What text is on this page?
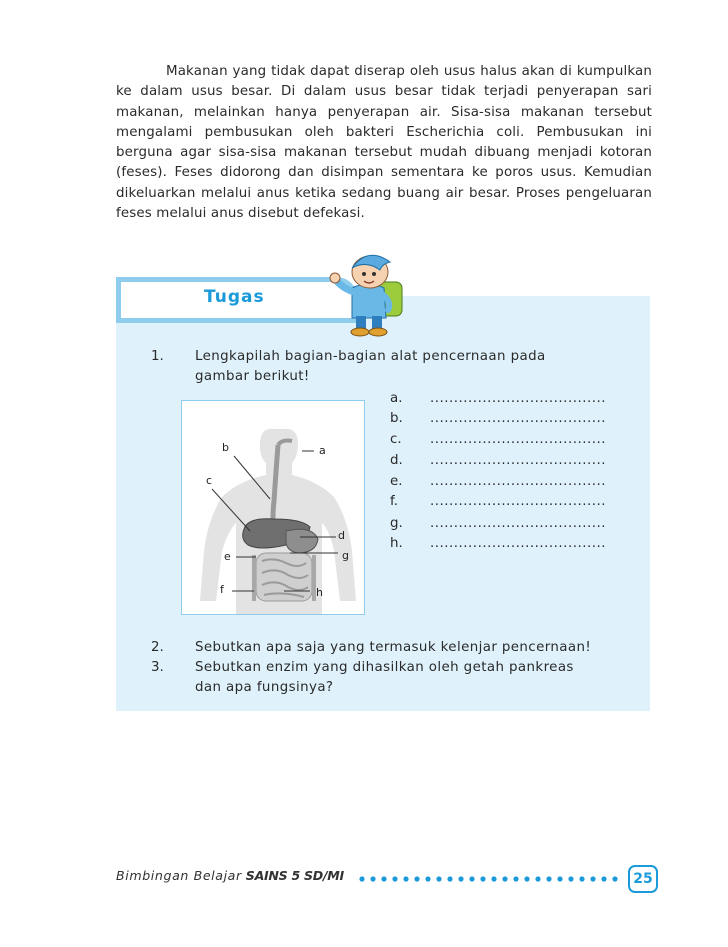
Makanan yang tidak dapat diserap oleh usus halus akan di kumpulkan ke dalam usus besar. Di dalam usus besar tidak terjadi penyerapan sari makanan, melainkan hanya penyerapan air. Sisa-sisa makanan tersebut mengalami pembusukan oleh bakteri Escherichia coli. Pembusukan ini berguna agar sisa-sisa makanan tersebut mudah dibuang menjadi kotoran (feses). Feses didorong dan disimpan sementara ke poros usus. Kemudian dikeluarkan melalui anus ketika sedang buang air besar. Proses pengeluaran feses melalui anus disebut defekasi.

Tugas
1. Lengkapilah bagian-bagian alat pencernaan pada
gambar berikut!
b	a
c
d
e	g
f	h
a. .....................................
b. .....................................
c. .....................................
d. .....................................
e. .....................................
f. .....................................
g. .....................................
h. .....................................
2. Sebutkan apa saja yang termasuk kelenjar pencernaan!
3. Sebutkan enzim yang dihasilkan oleh getah pankreas
dan apa fungsinya?
Bimbingan Belajar SAINS 5 SD/MI	25
